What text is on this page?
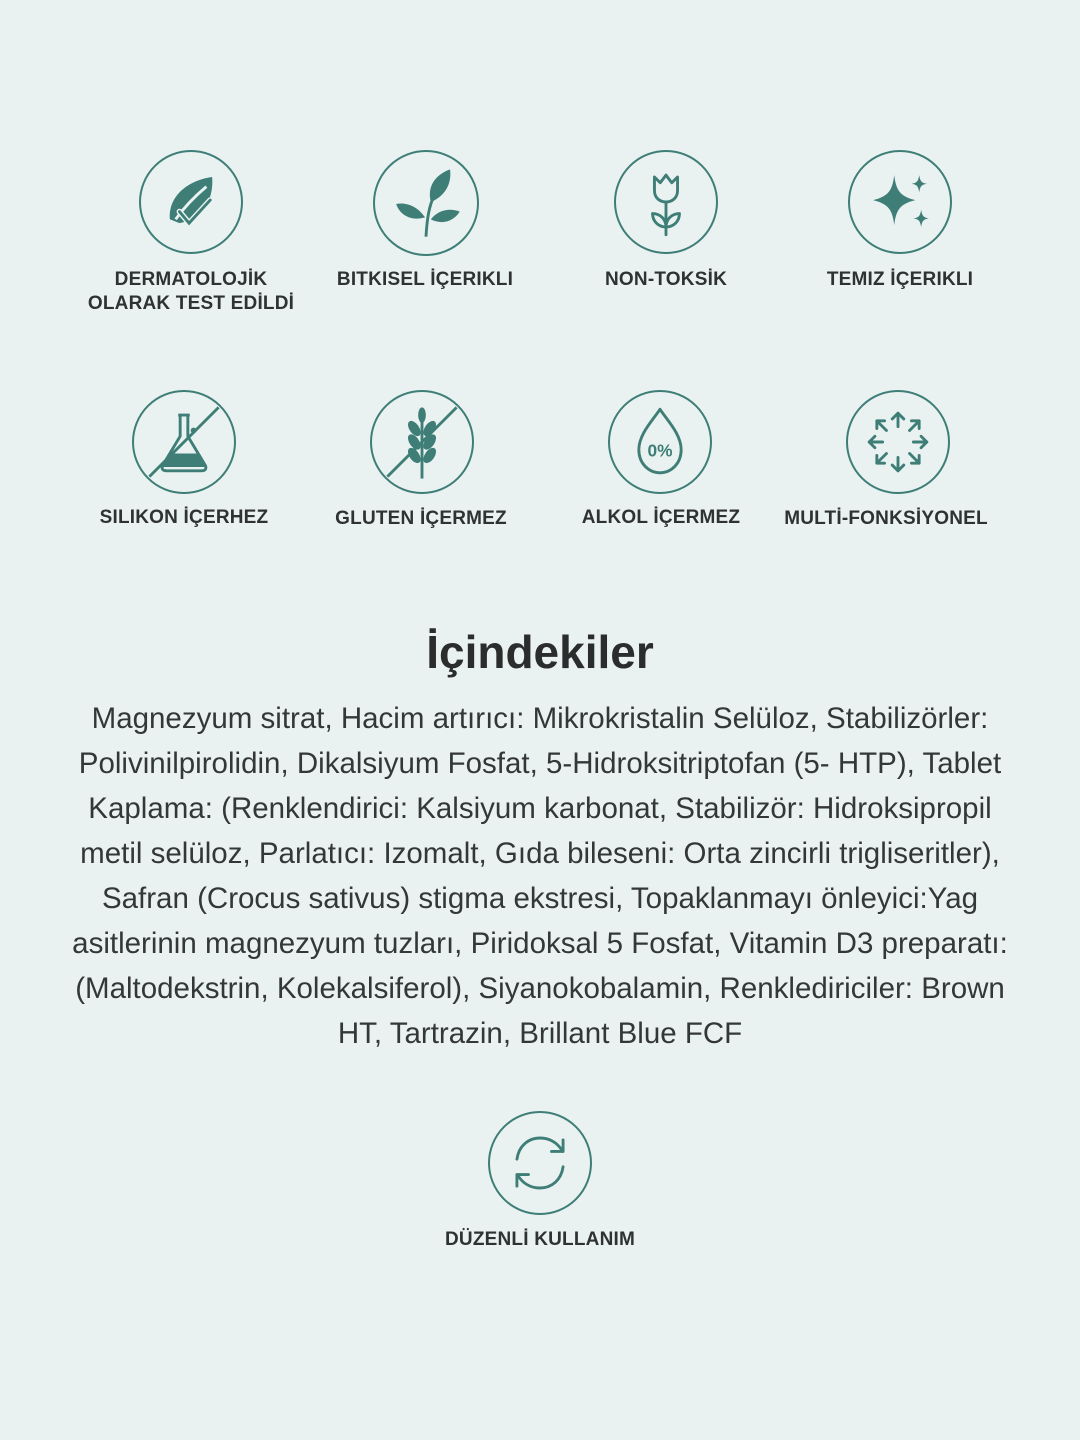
DERMATOLOJİK
OLARAK TEST EDİLDİ
BITKISEL İÇERIKLI	NON-TOKSİK	TEMIZ İÇERIKLI
SILIKON İÇERHEZ	GLUTEN İÇERMEZ
0%
ALKOL İÇERMEZ	MULTİ-FONKSİYONEL
İçindekiler

Magnezyum sitrat, Hacim artırıcı: Mikrokristalin Selüloz, Stabilizörler: Polivinilpirolidin, Dikalsiyum Fosfat, 5-Hidroksitriptofan (5- HTP), Tablet Kaplama: (Renklendirici: Kalsiyum karbonat, Stabilizör: Hidroksipropil metil selüloz, Parlatıcı: Izomalt, Gıda bileseni: Orta zincirli trigliseritler), Safran (Crocus sativus) stigma ekstresi, Topaklanmayı önleyici:Yag asitlerinin magnezyum tuzları, Piridoksal 5 Fosfat, Vitamin D3 preparatı: (Maltodekstrin, Kolekalsiferol), Siyanokobalamin, Renklediriciler: Brown HT, Tartrazin, Brillant Blue FCF

DÜZENLİ KULLANIM
